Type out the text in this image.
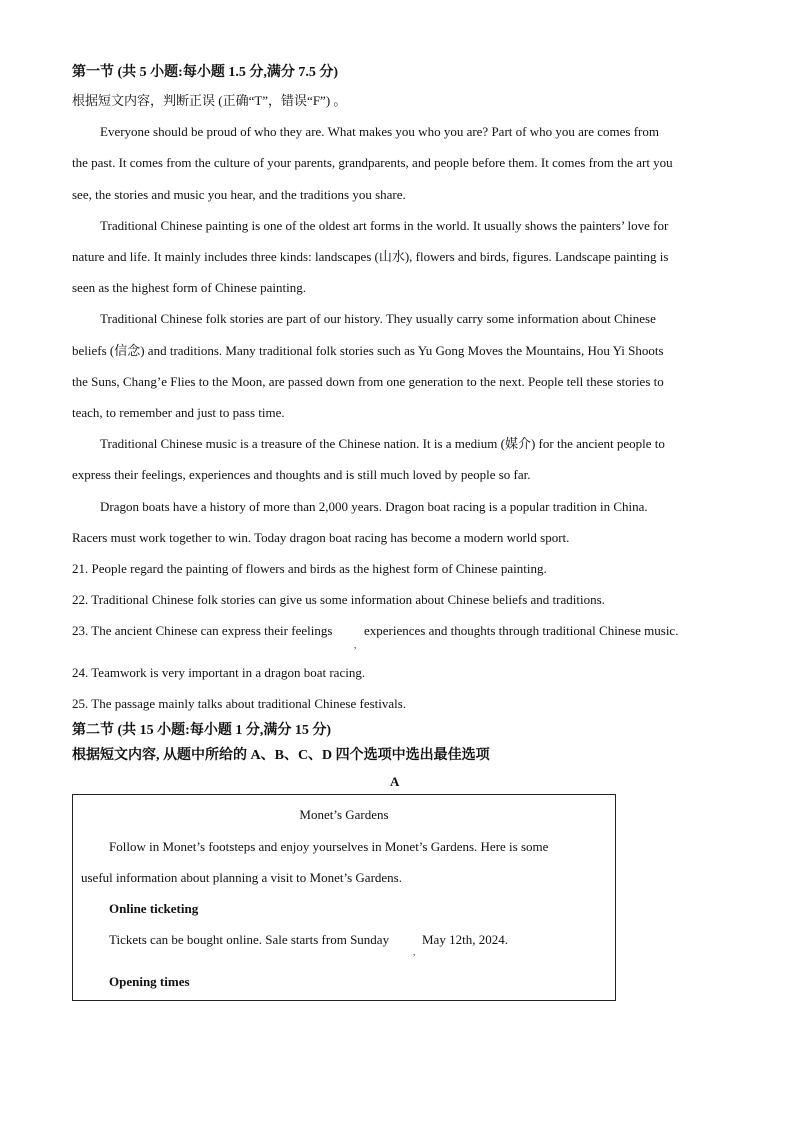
第一节 (共 5 小题:每小题 1.5 分,满分 7.5 分)
根据短文内容，判断正误 (正确“T”，错误“F”) 。
Everyone should be proud of who they are. What makes you who you are? Part of who you are comes from
the past. It comes from the culture of your parents, grandparents, and people before them. It comes from the art you
see, the stories and music you hear, and the traditions you share.
Traditional Chinese painting is one of the oldest art forms in the world. It usually shows the painters’ love for
nature and life. It mainly includes three kinds: landscapes (山水), flowers and birds, figures. Landscape painting is
seen as the highest form of Chinese painting.
Traditional Chinese folk stories are part of our history. They usually carry some information about Chinese
beliefs (信念) and traditions. Many traditional folk stories such as Yu Gong Moves the Mountains, Hou Yi Shoots
the Suns, Chang’e Flies to the Moon, are passed down from one generation to the next. People tell these stories to
teach, to remember and just to pass time.
Traditional Chinese music is a treasure of the Chinese nation. It is a medium (媒介) for the ancient people to
express their feelings, experiences and thoughts and is still much loved by people so far.
Dragon boats have a history of more than 2,000 years. Dragon boat racing is a popular tradition in China.
Racers must work together to win. Today dragon boat racing has become a modern world sport.
21. People regard the painting of flowers and birds as the highest form of Chinese painting.
22. Traditional Chinese folk stories can give us some information about Chinese beliefs and traditions.
23. The ancient Chinese can express their feelings
,
experiences and thoughts through traditional Chinese music.
24. Teamwork is very important in a dragon boat racing.
25. The passage mainly talks about traditional Chinese festivals.
第二节 (共 15 小题:每小题 1 分,满分 15 分)
根据短文内容, 从题中所给的 A、B、C、D 四个选项中选出最佳选项
A
Monet’s Gardens
Follow in Monet’s footsteps and enjoy yourselves in Monet’s Gardens. Here is some
useful information about planning a visit to Monet’s Gardens.
Online ticketing
Tickets can be bought online. Sale starts from Sunday
,
May 12th, 2024.
Opening times
